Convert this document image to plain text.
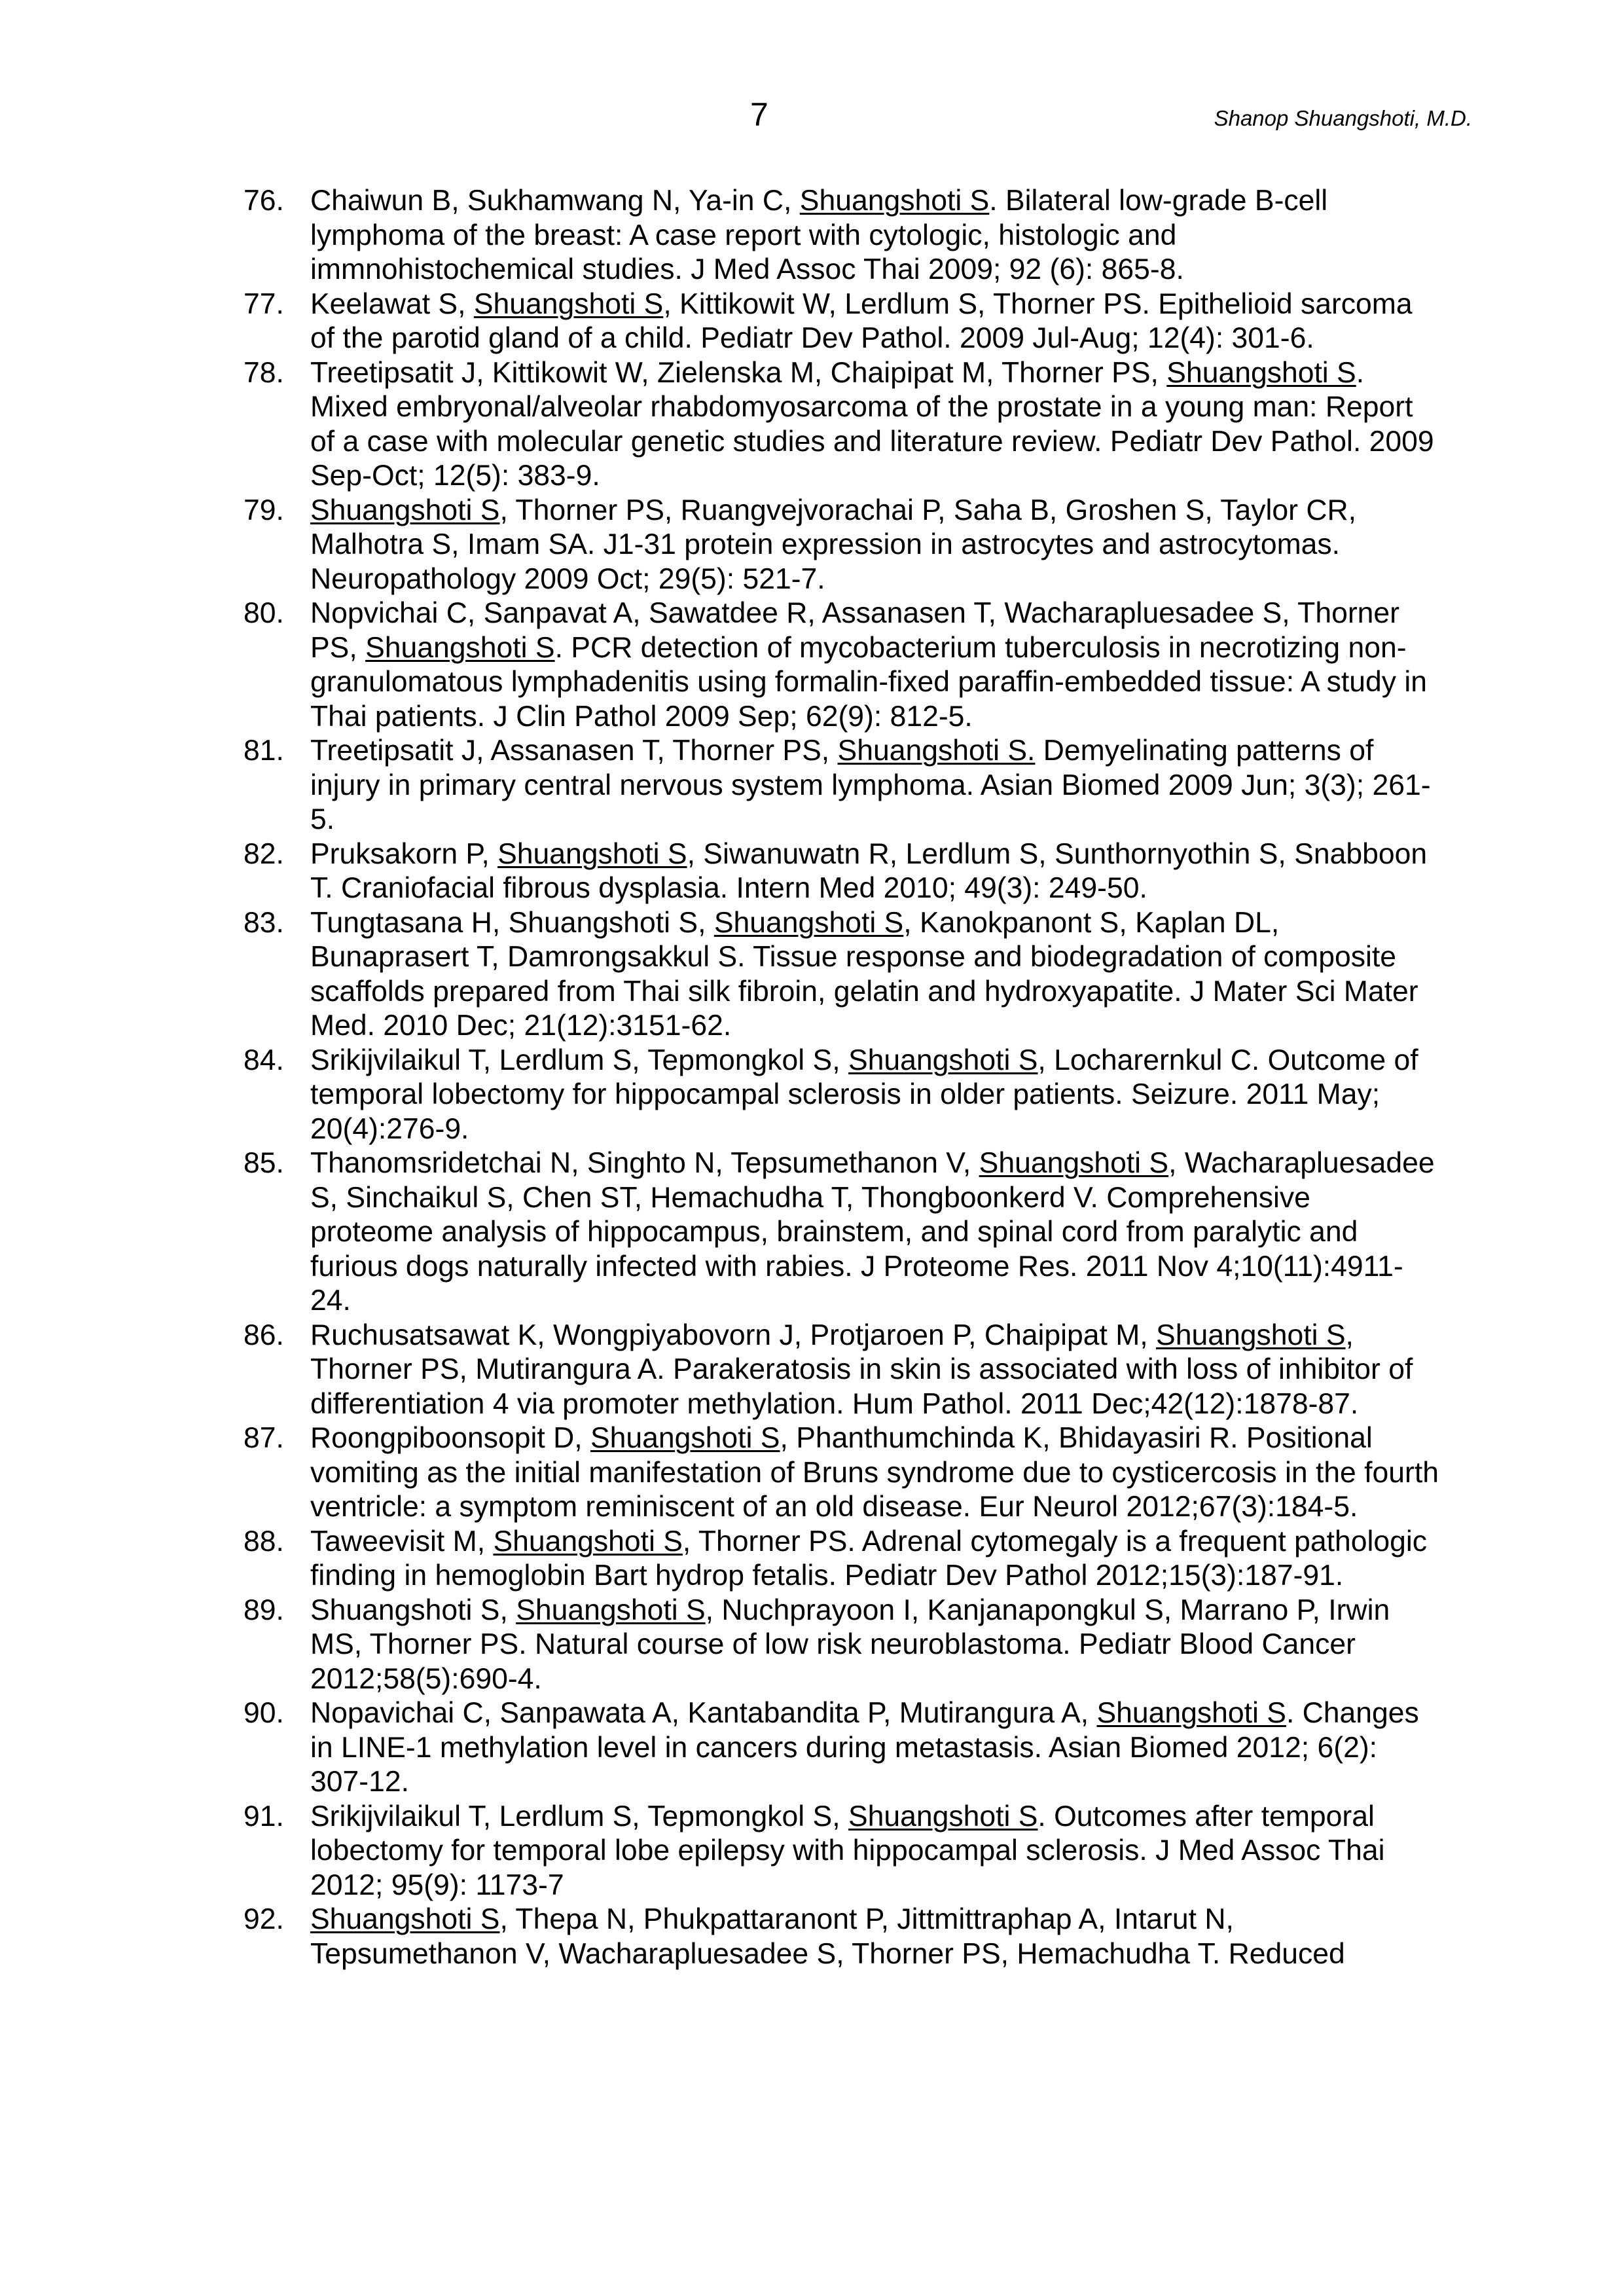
7	Shanop Shuangshoti, M.D.
76. Chaiwun B, Sukhamwang N, Ya-in C, Shuangshoti S. Bilateral low-grade B-cell lymphoma of the breast: A case report with cytologic, histologic and immnohistochemical studies. J Med Assoc Thai 2009; 92 (6): 865-8.
77. Keelawat S, Shuangshoti S, Kittikowit W, Lerdlum S, Thorner PS. Epithelioid sarcoma of the parotid gland of a child. Pediatr Dev Pathol. 2009 Jul-Aug; 12(4): 301-6.
78. Treetipsatit J, Kittikowit W, Zielenska M, Chaipipat M, Thorner PS, Shuangshoti S. Mixed embryonal/alveolar rhabdomyosarcoma of the prostate in a young man: Report of a case with molecular genetic studies and literature review. Pediatr Dev Pathol. 2009 Sep-Oct; 12(5): 383-9.
79. Shuangshoti S, Thorner PS, Ruangvejvorachai P, Saha B, Groshen S, Taylor CR, Malhotra S, Imam SA. J1-31 protein expression in astrocytes and astrocytomas. Neuropathology 2009 Oct; 29(5): 521-7.
80. Nopvichai C, Sanpavat A, Sawatdee R, Assanasen T, Wacharapluesadee S, Thorner PS, Shuangshoti S. PCR detection of mycobacterium tuberculosis in necrotizing non-granulomatous lymphadenitis using formalin-fixed paraffin-embedded tissue: A study in Thai patients. J Clin Pathol 2009 Sep; 62(9): 812-5.
81. Treetipsatit J, Assanasen T, Thorner PS, Shuangshoti S. Demyelinating patterns of injury in primary central nervous system lymphoma. Asian Biomed 2009 Jun; 3(3); 261-5.
82. Pruksakorn P, Shuangshoti S, Siwanuwatn R, Lerdlum S, Sunthornyothin S, Snabboon T. Craniofacial fibrous dysplasia. Intern Med 2010; 49(3): 249-50.
83. Tungtasana H, Shuangshoti S, Shuangshoti S, Kanokpanont S, Kaplan DL, Bunaprasert T, Damrongsakkul S. Tissue response and biodegradation of composite scaffolds prepared from Thai silk fibroin, gelatin and hydroxyapatite. J Mater Sci Mater Med. 2010 Dec; 21(12):3151-62.
84. Srikijvilaikul T, Lerdlum S, Tepmongkol S, Shuangshoti S, Locharernkul C. Outcome of temporal lobectomy for hippocampal sclerosis in older patients. Seizure. 2011 May; 20(4):276-9.
85. Thanomsridetchai N, Singhto N, Tepsumethanon V, Shuangshoti S, Wacharapluesadee S, Sinchaikul S, Chen ST, Hemachudha T, Thongboonkerd V. Comprehensive proteome analysis of hippocampus, brainstem, and spinal cord from paralytic and furious dogs naturally infected with rabies. J Proteome Res. 2011 Nov 4;10(11):4911-24.
86. Ruchusatsawat K, Wongpiyabovorn J, Protjaroen P, Chaipipat M, Shuangshoti S, Thorner PS, Mutirangura A. Parakeratosis in skin is associated with loss of inhibitor of differentiation 4 via promoter methylation. Hum Pathol. 2011 Dec;42(12):1878-87.
87. Roongpiboonsopit D, Shuangshoti S, Phanthumchinda K, Bhidayasiri R. Positional vomiting as the initial manifestation of Bruns syndrome due to cysticercosis in the fourth ventricle: a symptom reminiscent of an old disease. Eur Neurol 2012;67(3):184-5.
88. Taweevisit M, Shuangshoti S, Thorner PS. Adrenal cytomegaly is a frequent pathologic finding in hemoglobin Bart hydrop fetalis. Pediatr Dev Pathol 2012;15(3):187-91.
89. Shuangshoti S, Shuangshoti S, Nuchprayoon I, Kanjanapongkul S, Marrano P, Irwin MS, Thorner PS. Natural course of low risk neuroblastoma. Pediatr Blood Cancer 2012;58(5):690-4.
90. Nopavichai C, Sanpawata A, Kantabandita P, Mutirangura A, Shuangshoti S. Changes in LINE-1 methylation level in cancers during metastasis. Asian Biomed 2012; 6(2): 307-12.
91. Srikijvilaikul T, Lerdlum S, Tepmongkol S, Shuangshoti S. Outcomes after temporal lobectomy for temporal lobe epilepsy with hippocampal sclerosis. J Med Assoc Thai 2012; 95(9): 1173-7
92. Shuangshoti S, Thepa N, Phukpattaranont P, Jittmittraphap A, Intarut N, Tepsumethanon V, Wacharapluesadee S, Thorner PS, Hemachudha T. Reduced
